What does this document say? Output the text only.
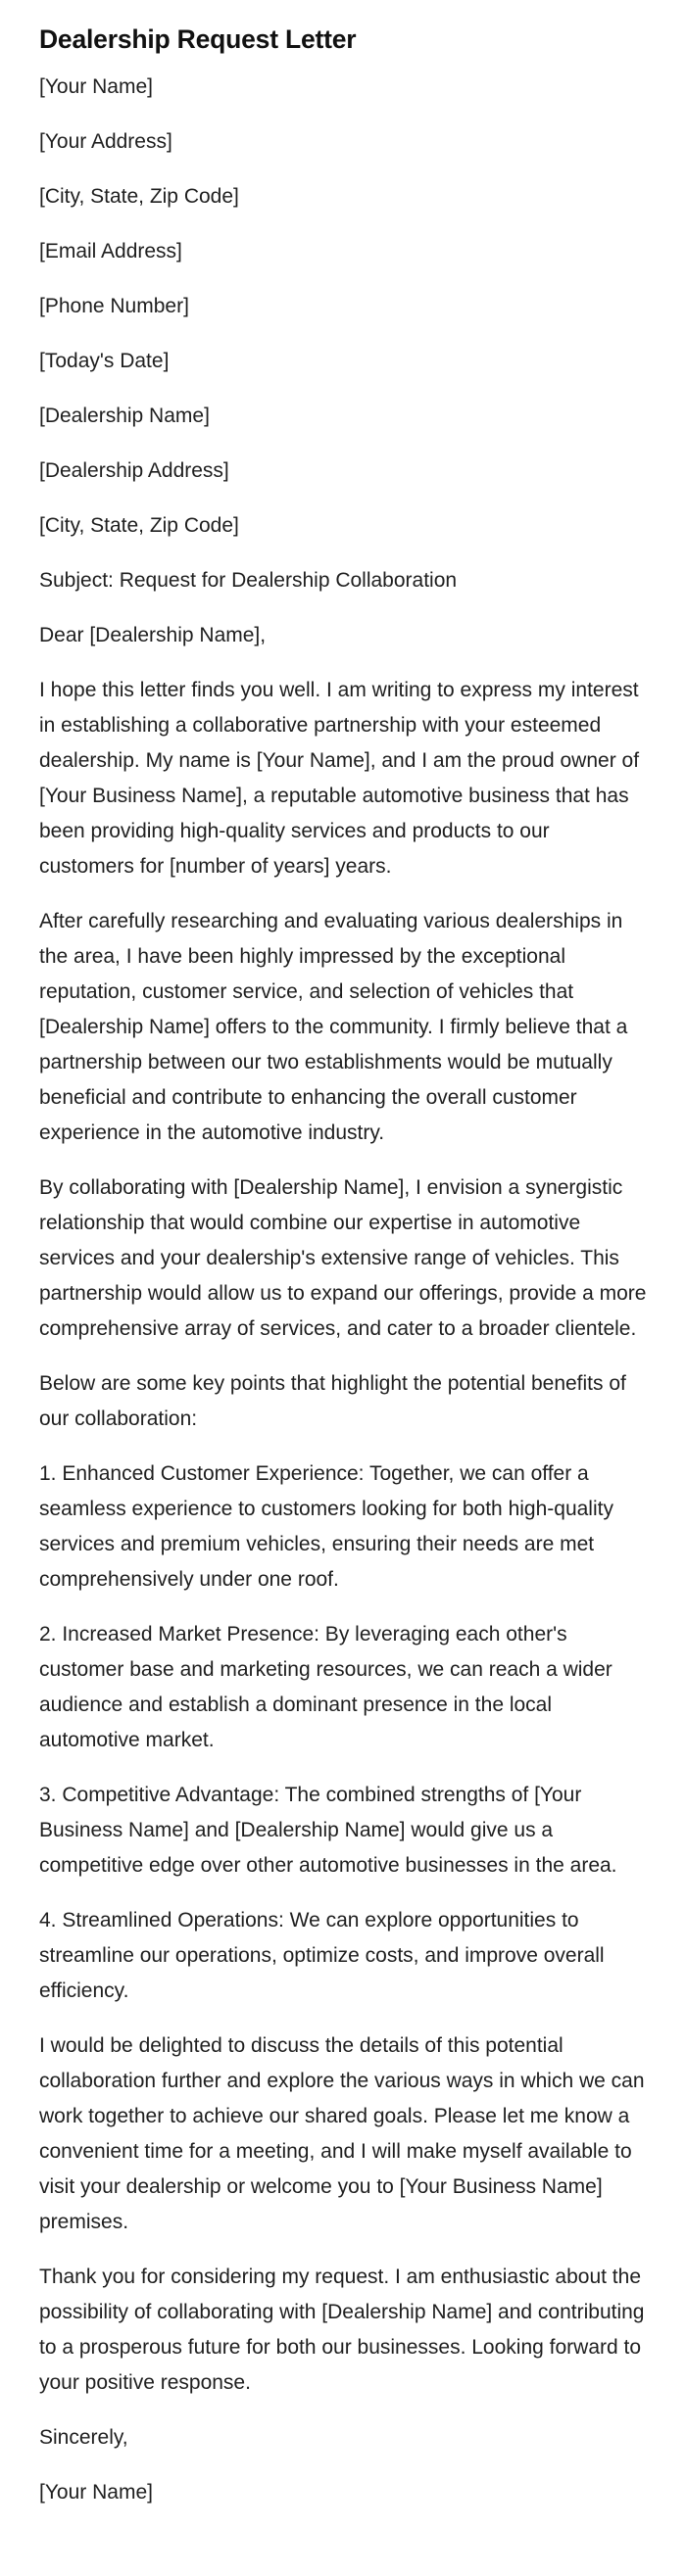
Dealership Request Letter

[Your Name]

[Your Address]

[City, State, Zip Code]

[Email Address]

[Phone Number]

[Today's Date]

[Dealership Name]

[Dealership Address]

[City, State, Zip Code]

Subject: Request for Dealership Collaboration

Dear [Dealership Name],

I hope this letter finds you well. I am writing to express my interest in establishing a collaborative partnership with your esteemed dealership. My name is [Your Name], and I am the proud owner of [Your Business Name], a reputable automotive business that has been providing high-quality services and products to our customers for [number of years] years.

After carefully researching and evaluating various dealerships in the area, I have been highly impressed by the exceptional reputation, customer service, and selection of vehicles that [Dealership Name] offers to the community. I firmly believe that a partnership between our two establishments would be mutually beneficial and contribute to enhancing the overall customer experience in the automotive industry.

By collaborating with [Dealership Name], I envision a synergistic relationship that would combine our expertise in automotive services and your dealership's extensive range of vehicles. This partnership would allow us to expand our offerings, provide a more comprehensive array of services, and cater to a broader clientele.

Below are some key points that highlight the potential benefits of our collaboration:

1. Enhanced Customer Experience: Together, we can offer a seamless experience to customers looking for both high-quality services and premium vehicles, ensuring their needs are met comprehensively under one roof.

2. Increased Market Presence: By leveraging each other's customer base and marketing resources, we can reach a wider audience and establish a dominant presence in the local automotive market.

3. Competitive Advantage: The combined strengths of [Your Business Name] and [Dealership Name] would give us a competitive edge over other automotive businesses in the area.

4. Streamlined Operations: We can explore opportunities to streamline our operations, optimize costs, and improve overall efficiency.

I would be delighted to discuss the details of this potential collaboration further and explore the various ways in which we can work together to achieve our shared goals. Please let me know a convenient time for a meeting, and I will make myself available to visit your dealership or welcome you to [Your Business Name] premises.

Thank you for considering my request. I am enthusiastic about the possibility of collaborating with [Dealership Name] and contributing to a prosperous future for both our businesses. Looking forward to your positive response.

Sincerely,

[Your Name]
